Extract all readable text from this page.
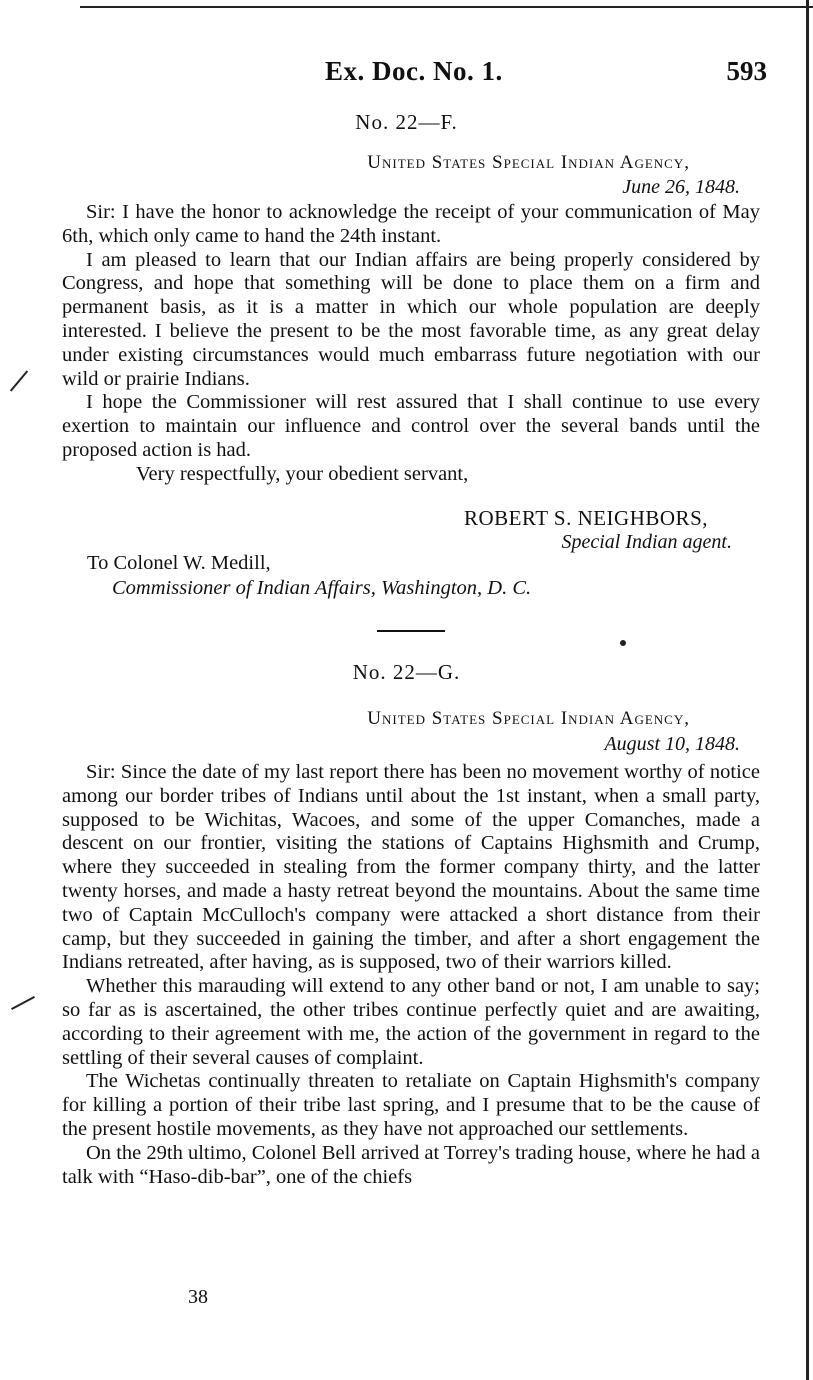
Ex. Doc. No. 1.	593
No. 22—F.
United States Special Indian Agency,
June 26, 1848.

Sir: I have the honor to acknowledge the receipt of your communication of May 6th, which only came to hand the 24th instant.

I am pleased to learn that our Indian affairs are being properly considered by Congress, and hope that something will be done to place them on a firm and permanent basis, as it is a matter in which our whole population are deeply interested. I believe the present to be the most favorable time, as any great delay under existing circumstances would much embarrass future negotiation with our wild or prairie Indians.

I hope the Commissioner will rest assured that I shall continue to use every exertion to maintain our influence and control over the several bands until the proposed action is had.

Very respectfully, your obedient servant,

ROBERT S. NEIGHBORS,
Special Indian agent.
To Colonel W. Medill,
Commissioner of Indian Affairs, Washington, D. C.
No. 22—G.
United States Special Indian Agency,
August 10, 1848.

Sir: Since the date of my last report there has been no movement worthy of notice among our border tribes of Indians until about the 1st instant, when a small party, supposed to be Wichitas, Wacoes, and some of the upper Comanches, made a descent on our frontier, visiting the stations of Captains Highsmith and Crump, where they succeeded in stealing from the former company thirty, and the latter twenty horses, and made a hasty retreat beyond the mountains. About the same time two of Captain McCulloch's company were attacked a short distance from their camp, but they succeeded in gaining the timber, and after a short engagement the Indians retreated, after having, as is supposed, two of their warriors killed.

Whether this marauding will extend to any other band or not, I am unable to say; so far as is ascertained, the other tribes continue perfectly quiet and are awaiting, according to their agreement with me, the action of the government in regard to the settling of their several causes of complaint.

The Wichetas continually threaten to retaliate on Captain Highsmith's company for killing a portion of their tribe last spring, and I presume that to be the cause of the present hostile movements, as they have not approached our settlements.

On the 29th ultimo, Colonel Bell arrived at Torrey's trading house, where he had a talk with “Haso-dib-bar”, one of the chiefs

38
